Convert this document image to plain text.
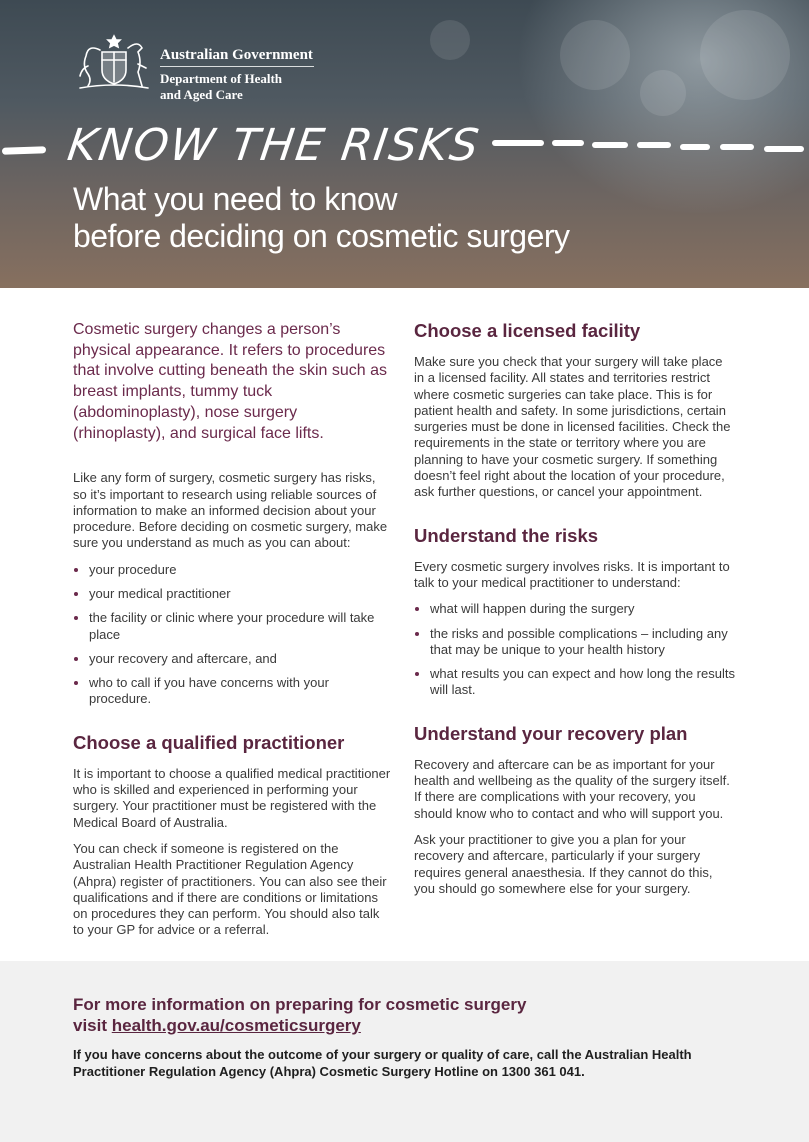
Australian Government
Department of Health
and Aged Care
KNOW THE RISKS
What you need to know
before deciding on cosmetic surgery

Cosmetic surgery changes a person’s physical appearance. It refers to procedures that involve cutting beneath the skin such as breast implants, tummy tuck (abdominoplasty), nose surgery (rhinoplasty), and surgical face lifts.

Like any form of surgery, cosmetic surgery has risks, so it’s important to research using reliable sources of information to make an informed decision about your procedure. Before deciding on cosmetic surgery, make sure you understand as much as you can about:

your procedure
your medical practitioner
the facility or clinic where your procedure will take place
your recovery and aftercare, and
who to call if you have concerns with your procedure.
Choose a qualified practitioner

It is important to choose a qualified medical practitioner who is skilled and experienced in performing your surgery. Your practitioner must be registered with the Medical Board of Australia.

You can check if someone is registered on the Australian Health Practitioner Regulation Agency (Ahpra) register of practitioners. You can also see their qualifications and if there are conditions or limitations on procedures they can perform. You should also talk to your GP for advice or a referral.

Choose a licensed facility

Make sure you check that your surgery will take place in a licensed facility. All states and territories restrict where cosmetic surgeries can take place. This is for patient health and safety. In some jurisdictions, certain surgeries must be done in licensed facilities. Check the requirements in the state or territory where you are planning to have your cosmetic surgery. If something doesn’t feel right about the location of your procedure, ask further questions, or cancel your appointment.

Understand the risks

Every cosmetic surgery involves risks. It is important to talk to your medical practitioner to understand:

what will happen during the surgery
the risks and possible complications – including any that may be unique to your health history
what results you can expect and how long the results will last.
Understand your recovery plan

Recovery and aftercare can be as important for your health and wellbeing as the quality of the surgery itself. If there are complications with your recovery, you should know who to contact and who will support you.

Ask your practitioner to give you a plan for your recovery and aftercare, particularly if your surgery requires general anaesthesia. If they cannot do this, you should go somewhere else for your surgery.

For more information on preparing for cosmetic surgery
visit health.gov.au/cosmeticsurgery
If you have concerns about the outcome of your surgery or quality of care, call the Australian Health Practitioner Regulation Agency (Ahpra) Cosmetic Surgery Hotline on 1300 361 041.
